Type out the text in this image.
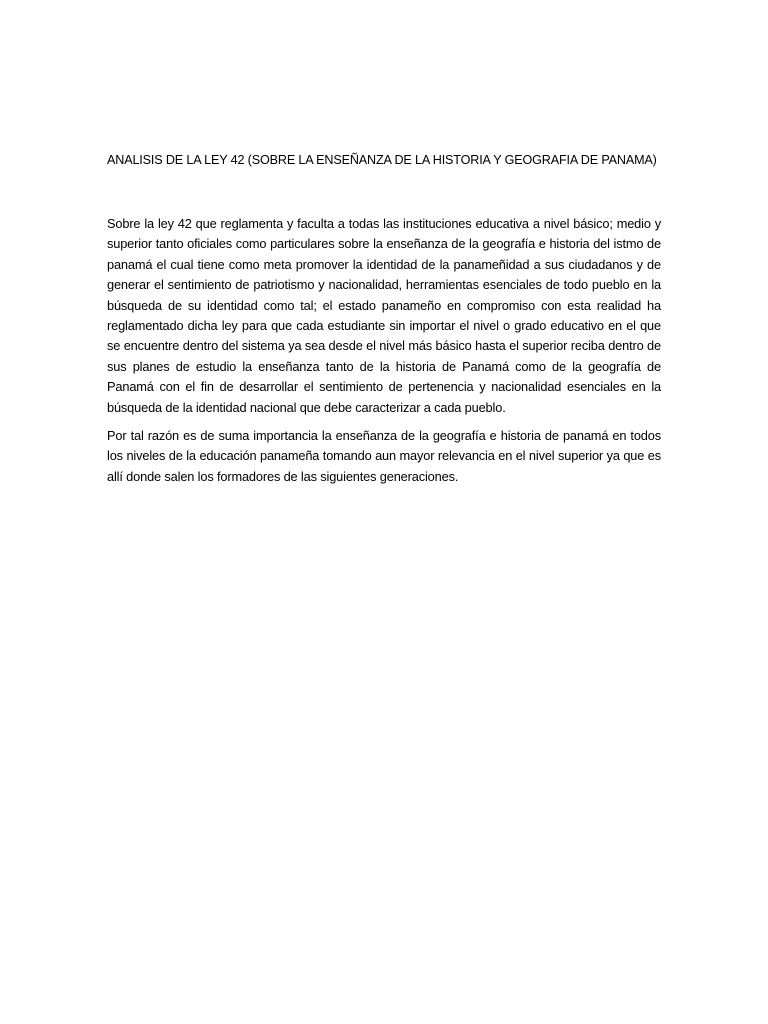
ANALISIS DE LA LEY 42 (SOBRE LA ENSEÑANZA DE LA HISTORIA Y GEOGRAFIA DE PANAMA)

Sobre la ley 42 que reglamenta y faculta a todas las instituciones educativa a nivel básico; medio y superior tanto oficiales como particulares sobre la enseñanza de la geografía e historia del istmo de panamá el cual tiene como meta promover la identidad de la panameñidad a sus ciudadanos y de generar el sentimiento de patriotismo y nacionalidad, herramientas esenciales de todo pueblo en la búsqueda de su identidad como tal; el estado panameño en compromiso con esta realidad ha reglamentado dicha ley para que cada estudiante sin importar el nivel o grado educativo en el que se encuentre dentro del sistema ya sea desde el nivel más básico hasta el superior reciba dentro de sus planes de estudio la enseñanza tanto de la historia de Panamá como de la geografía de Panamá con el fin de desarrollar el sentimiento de pertenencia y nacionalidad esenciales en la búsqueda de la identidad nacional que debe caracterizar a cada pueblo.

Por tal razón es de suma importancia la enseñanza de la geografía e historia de panamá en todos los niveles de la educación panameña tomando aun mayor relevancia en el nivel superior ya que es allí donde salen los formadores de las siguientes generaciones.
